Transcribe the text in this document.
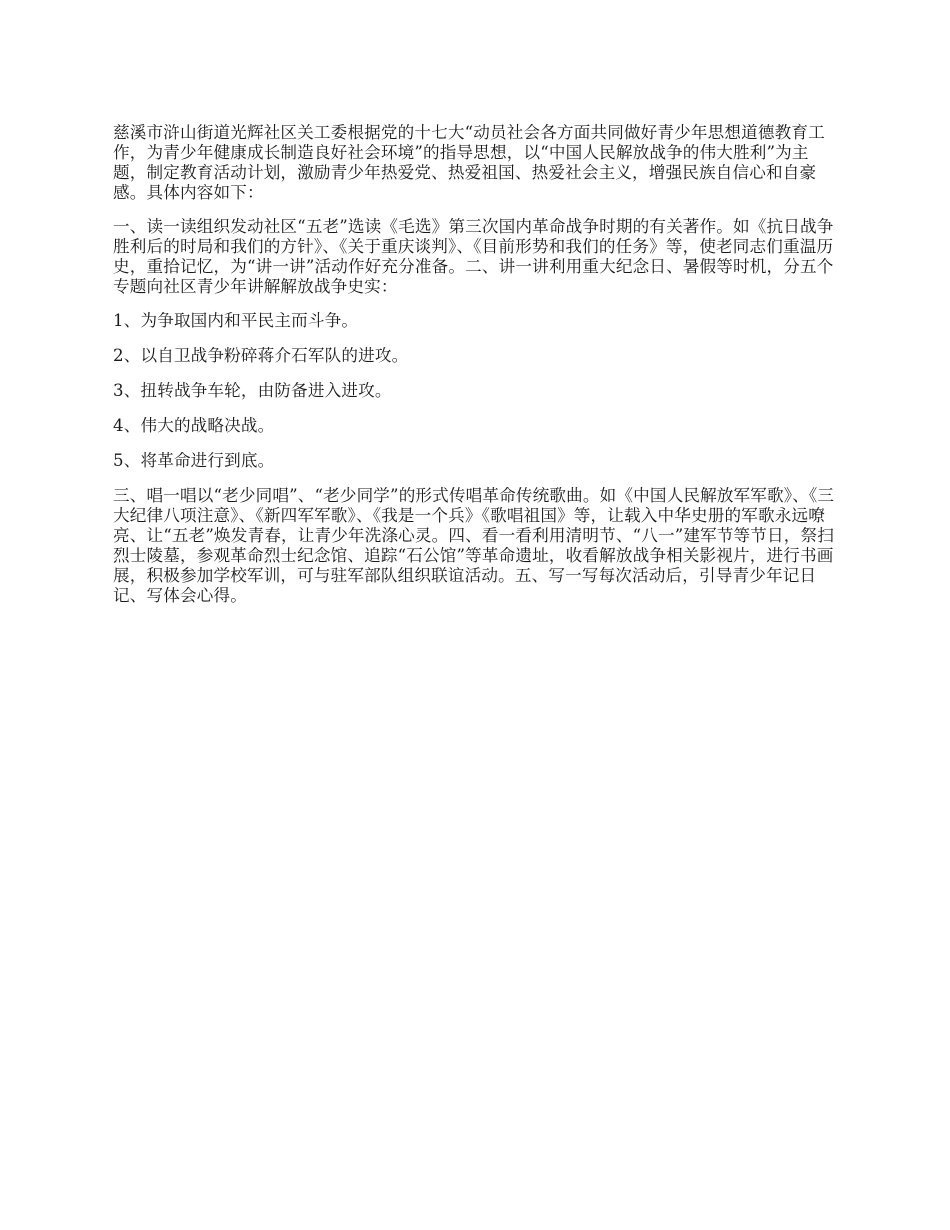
慈溪市浒山街道光辉社区关工委根据党的十七大“动员社会各方面共同做好青少年思想道德教育工作，为青少年健康成长制造良好社会环境”的指导思想，以“中国人民解放战争的伟大胜利”为主题，制定教育活动计划，激励青少年热爱党、热爱祖国、热爱社会主义，增强民族自信心和自豪感。具体内容如下：

一、读一读组织发动社区“五老”选读《毛选》第三次国内革命战争时期的有关著作。如《抗日战争胜利后的时局和我们的方针》、《关于重庆谈判》、《目前形势和我们的任务》等，使老同志们重温历史，重拾记忆，为“讲一讲”活动作好充分准备。二、讲一讲利用重大纪念日、暑假等时机，分五个专题向社区青少年讲解解放战争史实：

1、为争取国内和平民主而斗争。

2、以自卫战争粉碎蒋介石军队的进攻。

3、扭转战争车轮，由防备进入进攻。

4、伟大的战略决战。

5、将革命进行到底。

三、唱一唱以“老少同唱”、“老少同学”的形式传唱革命传统歌曲。如《中国人民解放军军歌》、《三大纪律八项注意》、《新四军军歌》、《我是一个兵》《歌唱祖国》等，让载入中华史册的军歌永远嘹亮、让“五老”焕发青春，让青少年洗涤心灵。四、看一看利用清明节、“八一”建军节等节日，祭扫烈士陵墓，参观革命烈士纪念馆、追踪“石公馆”等革命遗址，收看解放战争相关影视片，进行书画展，积极参加学校军训，可与驻军部队组织联谊活动。五、写一写每次活动后，引导青少年记日记、写体会心得。
